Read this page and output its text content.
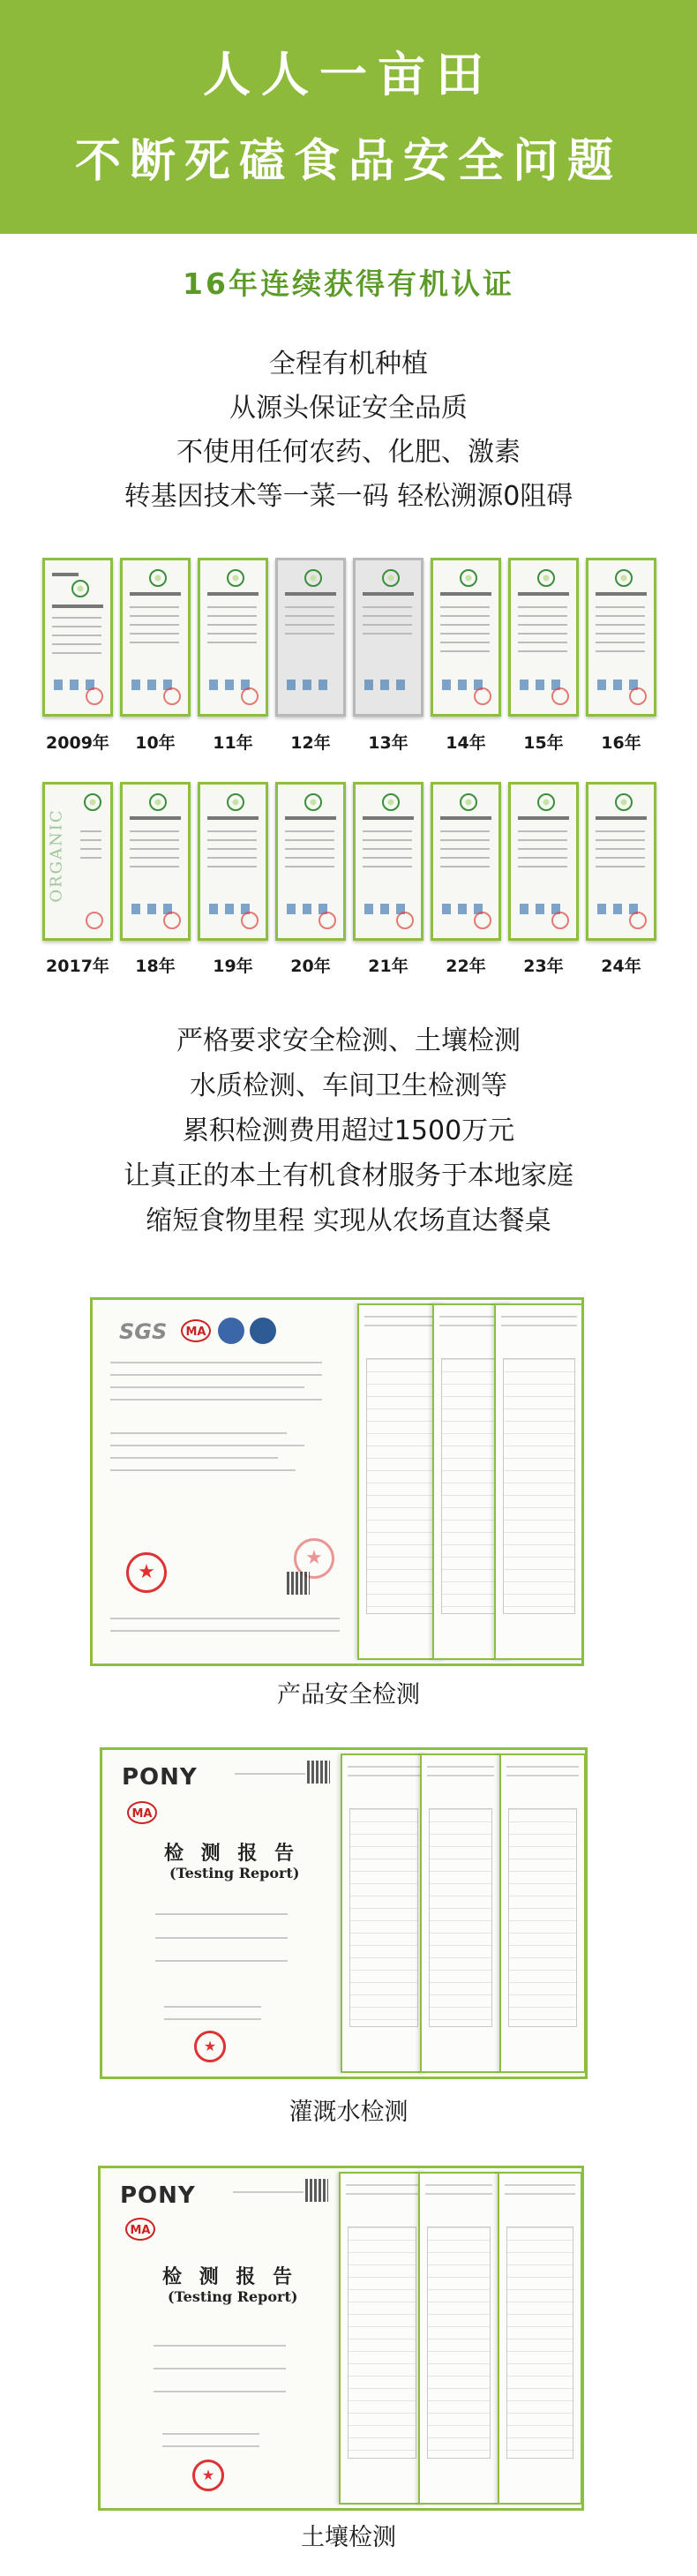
人人一亩田
不断死磕食品安全问题
16年连续获得有机认证
全程有机种植
从源头保证安全品质
不使用任何农药、化肥、激素
转基因技术等一菜一码 轻松溯源0阻碍
2009年 10年 11年 12年 13年 14年 15年 16年
ORGANIC
2017年 18年 19年 20年 21年 22年 23年 24年
严格要求安全检测、土壤检测
水质检测、车间卫生检测等
累积检测费用超过1500万元
让真正的本土有机食材服务于本地家庭
缩短食物里程 实现从农场直达餐桌
SGS	MA
★
★
产品安全检测
PONY
MA
检 测 报 告
(Testing Report)
★
灌溉水检测
PONY
MA
检 测 报 告
(Testing Report)
★
土壤检测
